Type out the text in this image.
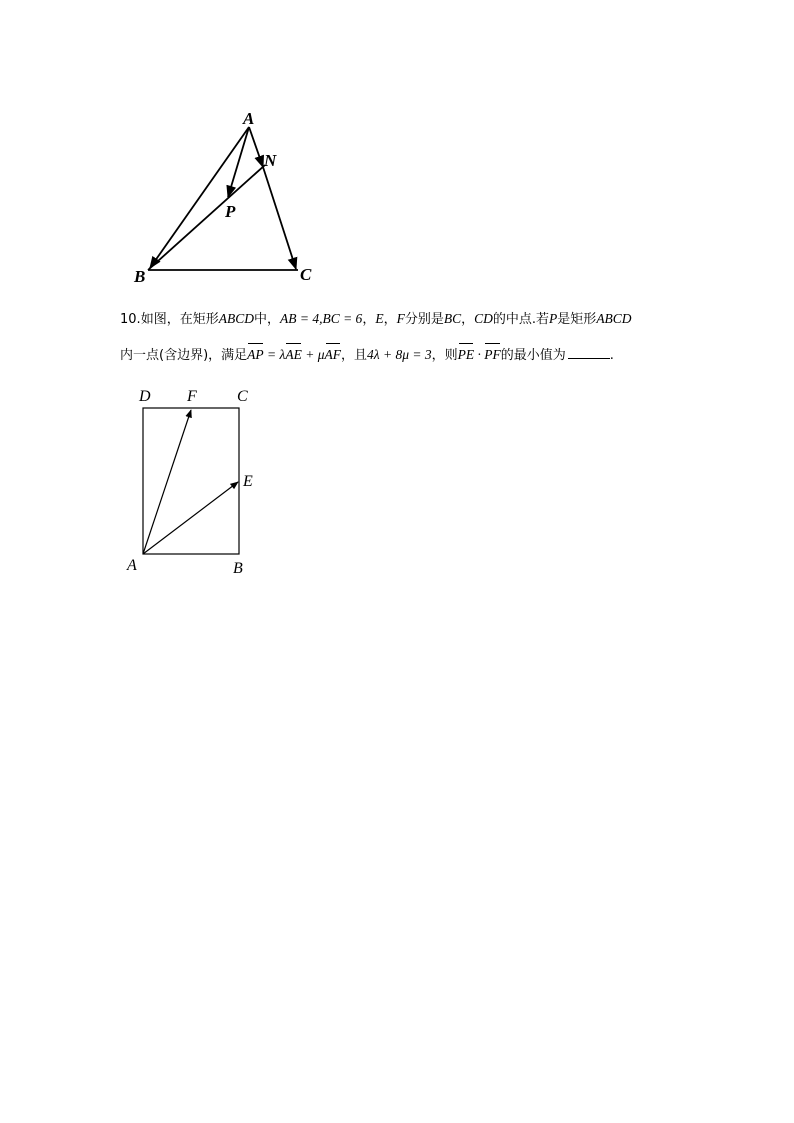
A
N
P
B	C
10.如图，在矩形ABCD中，AB = 4,BC = 6，E，F分别是BC，CD的中点.若P是矩形ABCD
内一点(含边界)，满足AP = λAE + μAF，且4λ + 8μ = 3，则PE · PF的最小值为	.
D F	C
E
A	B
